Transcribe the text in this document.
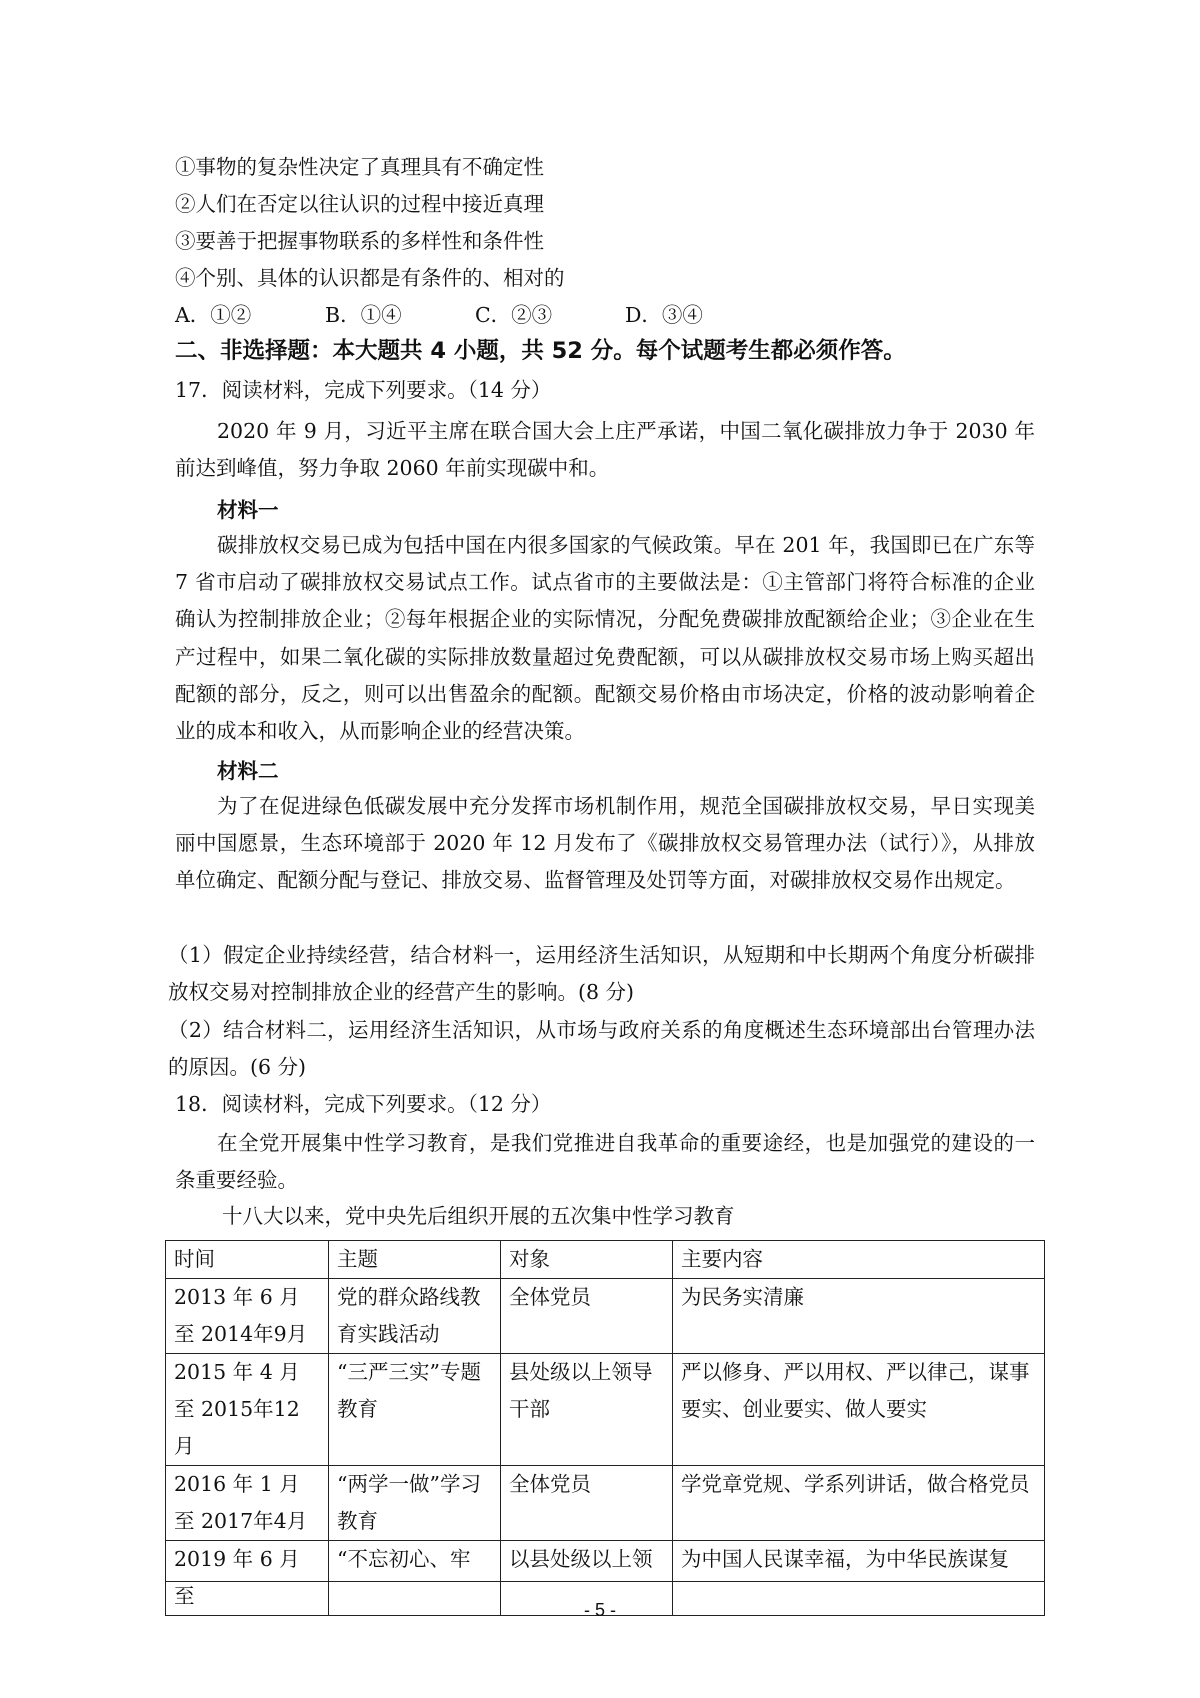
①事物的复杂性决定了真理具有不确定性
②人们在否定以往认识的过程中接近真理
③要善于把握事物联系的多样性和条件性
④个别、具体的认识都是有条件的、相对的
A．①②	B．①④	C．②③	D．③④
二、非选择题：本大题共 4 小题，共 52 分。每个试题考生都必须作答。
17．阅读材料，完成下列要求。（14 分）
2020 年 9 月，习近平主席在联合国大会上庄严承诺，中国二氧化碳排放力争于 2030 年前达到峰值，努力争取 2060 年前实现碳中和。
材料一
碳排放权交易已成为包括中国在内很多国家的气候政策。早在 201 年，我国即已在广东等 7 省市启动了碳排放权交易试点工作。试点省市的主要做法是：①主管部门将符合标准的企业确认为控制排放企业；②每年根据企业的实际情况，分配免费碳排放配额给企业；③企业在生产过程中，如果二氧化碳的实际排放数量超过免费配额，可以从碳排放权交易市场上购买超出配额的部分，反之，则可以出售盈余的配额。配额交易价格由市场决定，价格的波动影响着企业的成本和收入，从而影响企业的经营决策。
材料二
为了在促进绿色低碳发展中充分发挥市场机制作用，规范全国碳排放权交易，早日实现美丽中国愿景，生态环境部于 2020 年 12 月发布了《碳排放权交易管理办法（试行）》，从排放单位确定、配额分配与登记、排放交易、监督管理及处罚等方面，对碳排放权交易作出规定。
（1）假定企业持续经营，结合材料一，运用经济生活知识，从短期和中长期两个角度分析碳排放权交易对控制排放企业的经营产生的影响。(8 分)
（2）结合材料二，运用经济生活知识，从市场与政府关系的角度概述生态环境部出台管理办法的原因。(6 分)
18．阅读材料，完成下列要求。（12 分）
在全党开展集中性学习教育，是我们党推进自我革命的重要途经，也是加强党的建设的一条重要经验。
十八大以来，党中央先后组织开展的五次集中性学习教育
时间	主题	对象	主要内容
2013 年 6 月至 2014年9月	党的群众路线教育实践活动	全体党员	为民务实清廉
2015 年 4 月至 2015年12月	“三严三实”专题教育	县处级以上领导干部	严以修身、严以用权、严以律己，谋事要实、创业要实、做人要实
2016 年 1 月至 2017年4月	“两学一做”学习教育	全体党员	学党章党规、学系列讲话，做合格党员
2019 年 6 月至	“不忘初心、牢	以县处级以上领	为中国人民谋幸福，为中华民族谋复
- 5 -
